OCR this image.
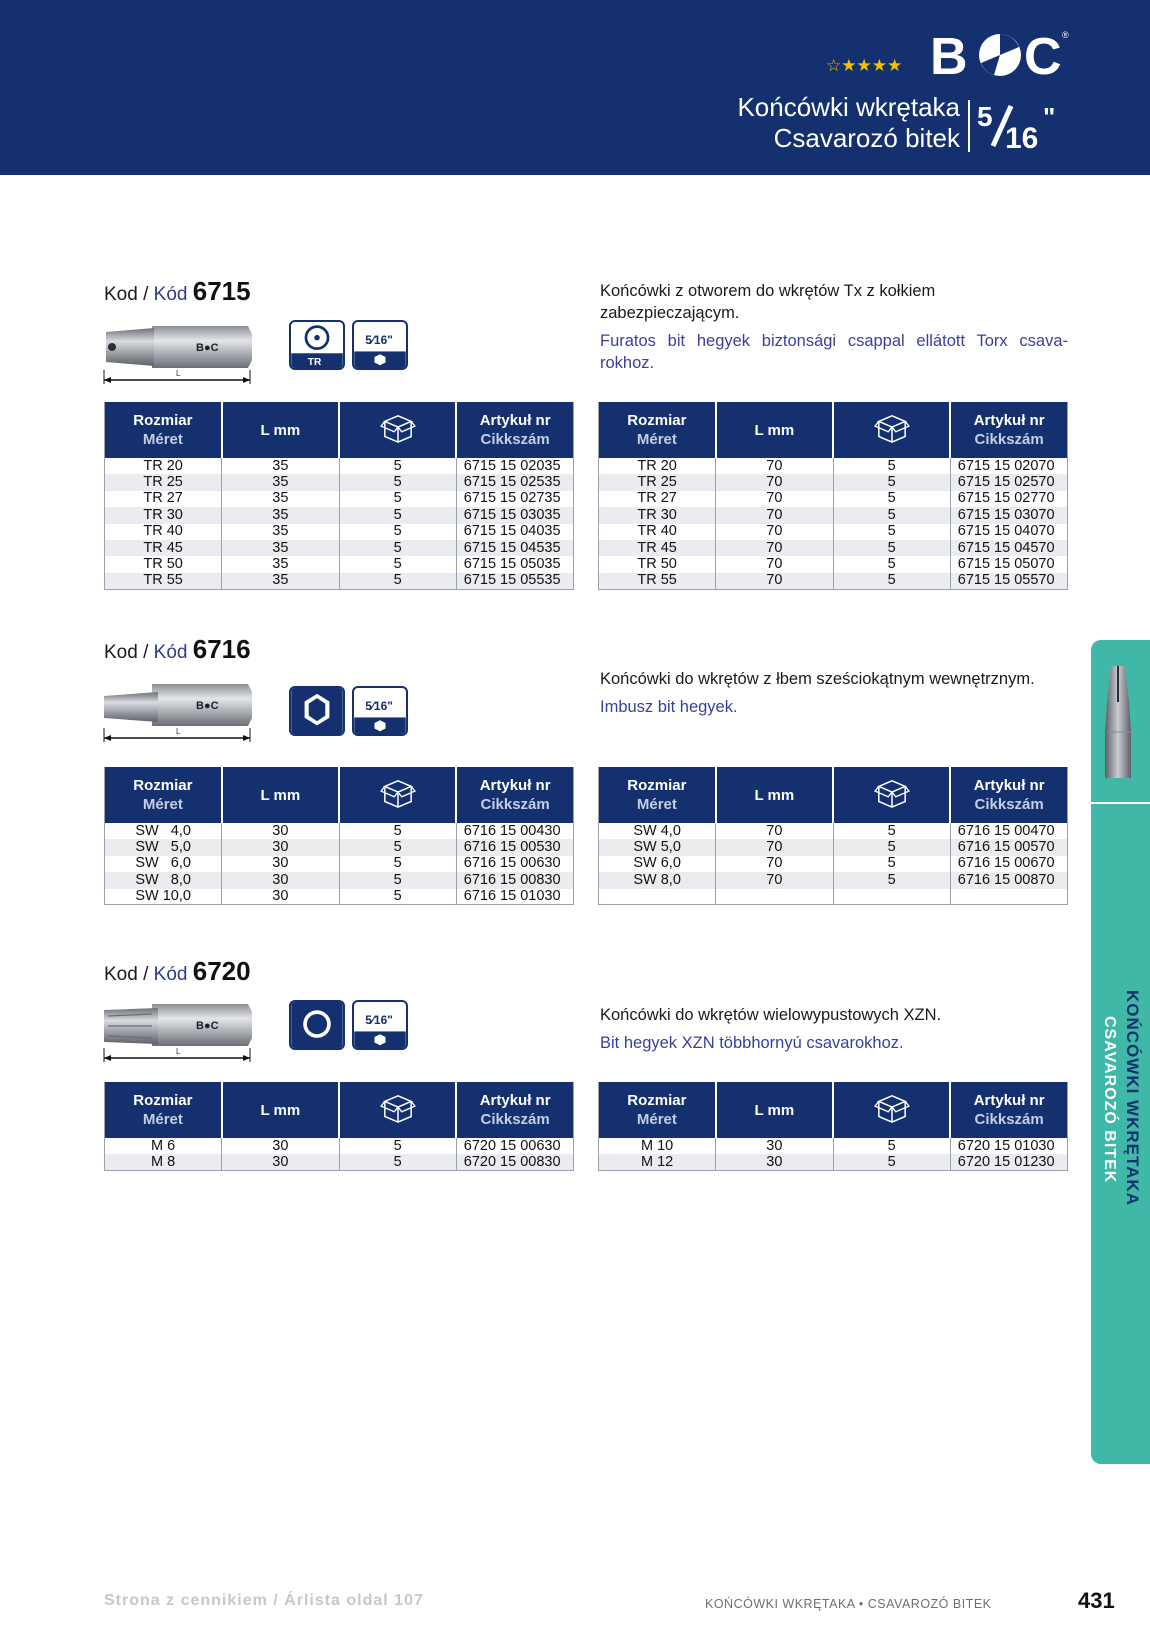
☆★★★★ B C ®
Końcówki wkrętaka
Csavarozó bitek
5
16
"
Kod / Kód 6715
B●C
L
TR
5⁄16"
Końcówki z otworem do wkrętów Tx z kołkiem zabezpieczającym.
Furatos bit hegyek biztonsági csappal ellátott Torx csava-rokhoz.
Rozmiar
Méret	L mm		Artykuł nr
Cikkszám

TR 20	35	5	6715 15 02035
TR 25	35	5	6715 15 02535
TR 27	35	5	6715 15 02735
TR 30	35	5	6715 15 03035
TR 40	35	5	6715 15 04035
TR 45	35	5	6715 15 04535
TR 50	35	5	6715 15 05035
TR 55	35	5	6715 15 05535
Rozmiar
Méret	L mm		Artykuł nr
Cikkszám

TR 20	70	5	6715 15 02070
TR 25	70	5	6715 15 02570
TR 27	70	5	6715 15 02770
TR 30	70	5	6715 15 03070
TR 40	70	5	6715 15 04070
TR 45	70	5	6715 15 04570
TR 50	70	5	6715 15 05070
TR 55	70	5	6715 15 05570
Kod / Kód 6716
B●C
L
5⁄16"
Końcówki do wkrętów z łbem sześciokątnym wewnętrznym.
Imbusz bit hegyek.
Rozmiar
Méret	L mm		Artykuł nr
Cikkszám

SW   4,0	30	5	6716 15 00430
SW   5,0	30	5	6716 15 00530
SW   6,0	30	5	6716 15 00630
SW   8,0	30	5	6716 15 00830
SW 10,0	30	5	6716 15 01030
Rozmiar
Méret	L mm		Artykuł nr
Cikkszám

SW 4,0	70	5	6716 15 00470
SW 5,0	70	5	6716 15 00570
SW 6,0	70	5	6716 15 00670
SW 8,0	70	5	6716 15 00870

Kod / Kód 6720
B●C
L
5⁄16"	Końcówki do wkrętów wielowypustowych XZN.
Bit hegyek XZN többhornyú csavarokhoz.
Rozmiar
Méret	L mm		Artykuł nr
Cikkszám

M 6	30	5	6720 15 00630
M 8	30	5	6720 15 00830
Rozmiar
Méret	L mm		Artykuł nr
Cikkszám

M 10	30	5	6720 15 01030
M 12	30	5	6720 15 01230	KOŃCÓWKI WKRĘTAKA
CSAVAROZÓ BITEK
Strona z cennikiem / Árlista oldal 107	KOŃCÓWKI WKRĘTAKA • CSAVAROZÓ BITEK	431
